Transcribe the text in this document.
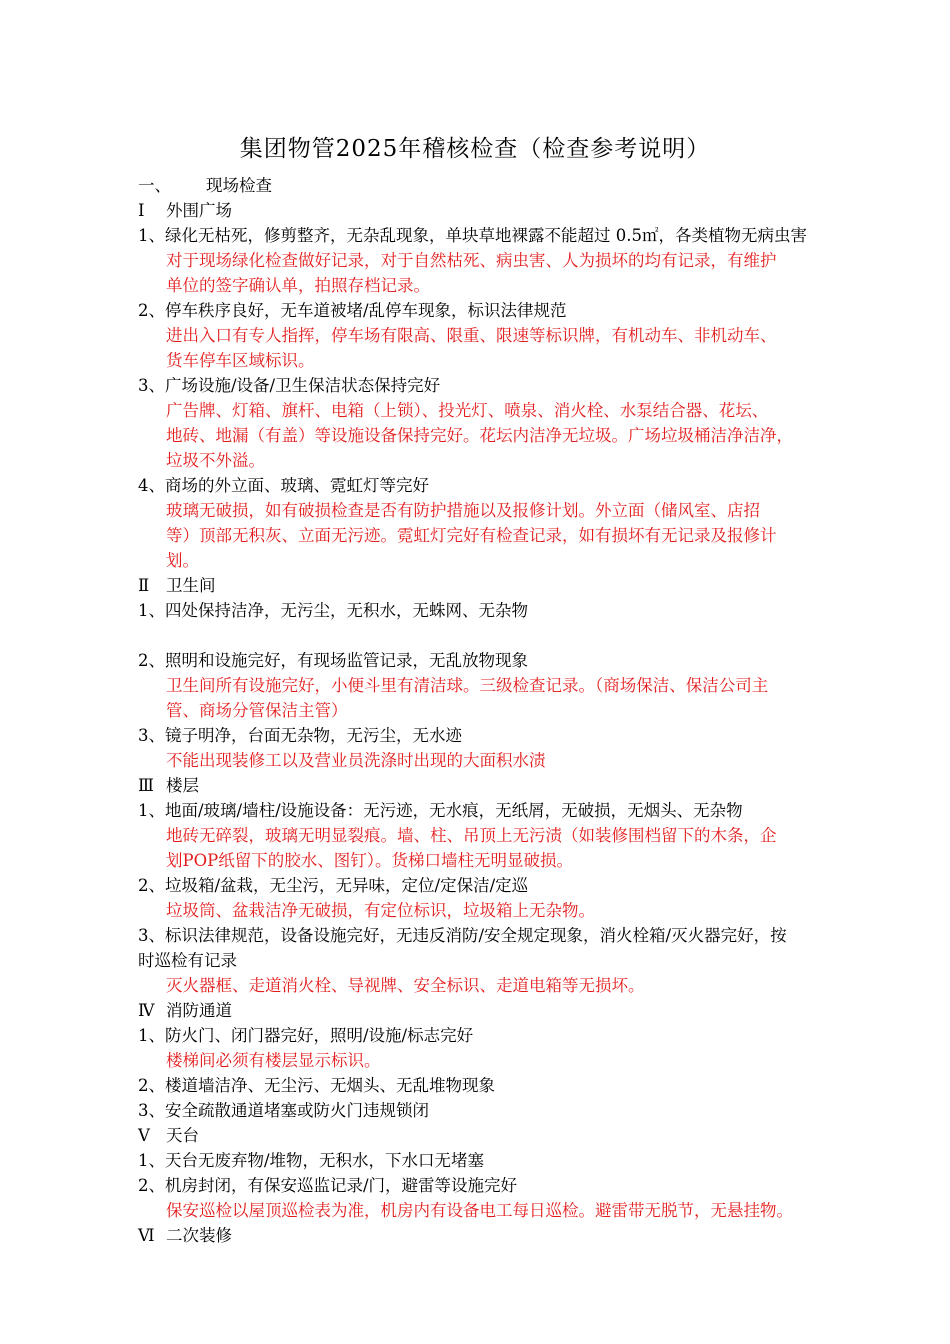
集团物管2025年稽核检查（检查参考说明）
一、 现场检查
Ⅰ 外围广场
1、绿化无枯死，修剪整齐，无杂乱现象，单块草地裸露不能超过 0.5㎡，各类植物无病虫害
对于现场绿化检查做好记录，对于自然枯死、病虫害、人为损坏的均有记录，有维护
单位的签字确认单，拍照存档记录。
2、停车秩序良好，无车道被堵/乱停车现象，标识法律规范
进出入口有专人指挥，停车场有限高、限重、限速等标识牌，有机动车、非机动车、
货车停车区域标识。
3、广场设施/设备/卫生保洁状态保持完好
广告牌、灯箱、旗杆、电箱（上锁）、投光灯、喷泉、消火栓、水泵结合器、花坛、
地砖、地漏（有盖）等设施设备保持完好。花坛内洁净无垃圾。广场垃圾桶洁净洁净，
垃圾不外溢。
4、商场的外立面、玻璃、霓虹灯等完好
玻璃无破损，如有破损检查是否有防护措施以及报修计划。外立面（储风室、店招
等）顶部无积灰、立面无污迹。霓虹灯完好有检查记录，如有损坏有无记录及报修计
划。
Ⅱ 卫生间
1、四处保持洁净，无污尘，无积水，无蛛网、无杂物
2、照明和设施完好，有现场监管记录，无乱放物现象
卫生间所有设施完好，小便斗里有清洁球。三级检查记录。（商场保洁、保洁公司主
管、商场分管保洁主管）
3、镜子明净，台面无杂物，无污尘，无水迹
不能出现装修工以及营业员洗涤时出现的大面积水渍
Ⅲ 楼层
1、地面/玻璃/墙柱/设施设备：无污迹，无水痕，无纸屑，无破损，无烟头、无杂物
地砖无碎裂，玻璃无明显裂痕。墙、柱、吊顶上无污渍（如装修围档留下的木条，企
划POP纸留下的胶水、图钉）。货梯口墙柱无明显破损。
2、垃圾箱/盆栽，无尘污，无异味，定位/定保洁/定巡
垃圾筒、盆栽洁净无破损，有定位标识，垃圾箱上无杂物。
3、标识法律规范，设备设施完好，无违反消防/安全规定现象，消火栓箱/灭火器完好，按
时巡检有记录
灭火器框、走道消火栓、导视牌、安全标识、走道电箱等无损坏。
Ⅳ 消防通道
1、防火门、闭门器完好，照明/设施/标志完好
楼梯间必须有楼层显示标识。
2、楼道墙洁净、无尘污、无烟头、无乱堆物现象
3、安全疏散通道堵塞或防火门违规锁闭
Ⅴ 天台
1、天台无废弃物/堆物，无积水，下水口无堵塞
2、机房封闭，有保安巡监记录/门，避雷等设施完好
保安巡检以屋顶巡检表为准，机房内有设备电工每日巡检。避雷带无脱节，无悬挂物。
Ⅵ 二次装修
